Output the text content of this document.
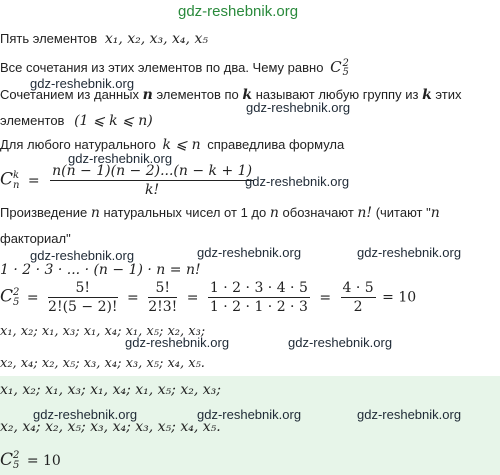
gdz-reshebnik.org
Пять элементов x₁, x₂, x₃, x₄, x₅
Все сочетания из этих элементов по два. Чему равно C 2
5
gdz-reshebnik.org
Сочетанием из данных n элементов по k называют любую группу из k этих
gdz-reshebnik.org
элементов (1 ⩽ k ⩽ n)
Для любого натурального k ⩽ n справедлива формула
gdz-reshebnik.org
C k
$n = \frac{n(n - 1)(n - 2)...(n - k + 1)}{k!}$
gdz-reshebnik.org
Произведение n натуральных чисел от 1 до n обозначают n! (читают "n
факториал"
gdz-reshebnik.org	gdz-reshebnik.org	gdz-reshebnik.org
1 · 2 · 3 · ... · (n − 1) · n = n!
C 2
$5 = \frac{5!}{2!(5 - 2)!} = \frac{5!}{2!3!} = \frac{1 \cdot 2 \cdot 3 \cdot 4 \cdot 5}{1 \cdot 2 \cdot 1 \cdot 2 \cdot 3} = \frac{4 \cdot 5}{2} = 10$
x₁, x₂; x₁, x₃; x₁, x₄; x₁, x₅; x₂, x₃;
gdz-reshebnik.org	gdz-reshebnik.org
x₂, x₄; x₂, x₅; x₃, x₄; x₃, x₅; x₄, x₅.
x₁, x₂; x₁, x₃; x₁, x₄; x₁, x₅; x₂, x₃;
gdz-reshebnik.org	gdz-reshebnik.org	gdz-reshebnik.org
x₂, x₄; x₂, x₅; x₃, x₄; x₃, x₅; x₄, x₅.
C 2
5 = 10
